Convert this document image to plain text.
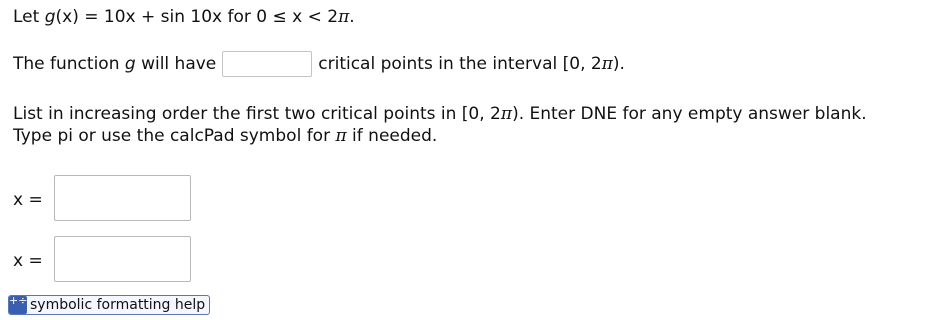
Let g(x) = 10x + sin 10x for 0 ≤ x < 2π.
The function g will have	critical points in the interval [0, 2π).
List in increasing order the first two critical points in [0, 2π). Enter DNE for any empty answer blank.
Type pi or use the calcPad symbol for π if needed.
x =
x =
+÷ symbolic formatting help
